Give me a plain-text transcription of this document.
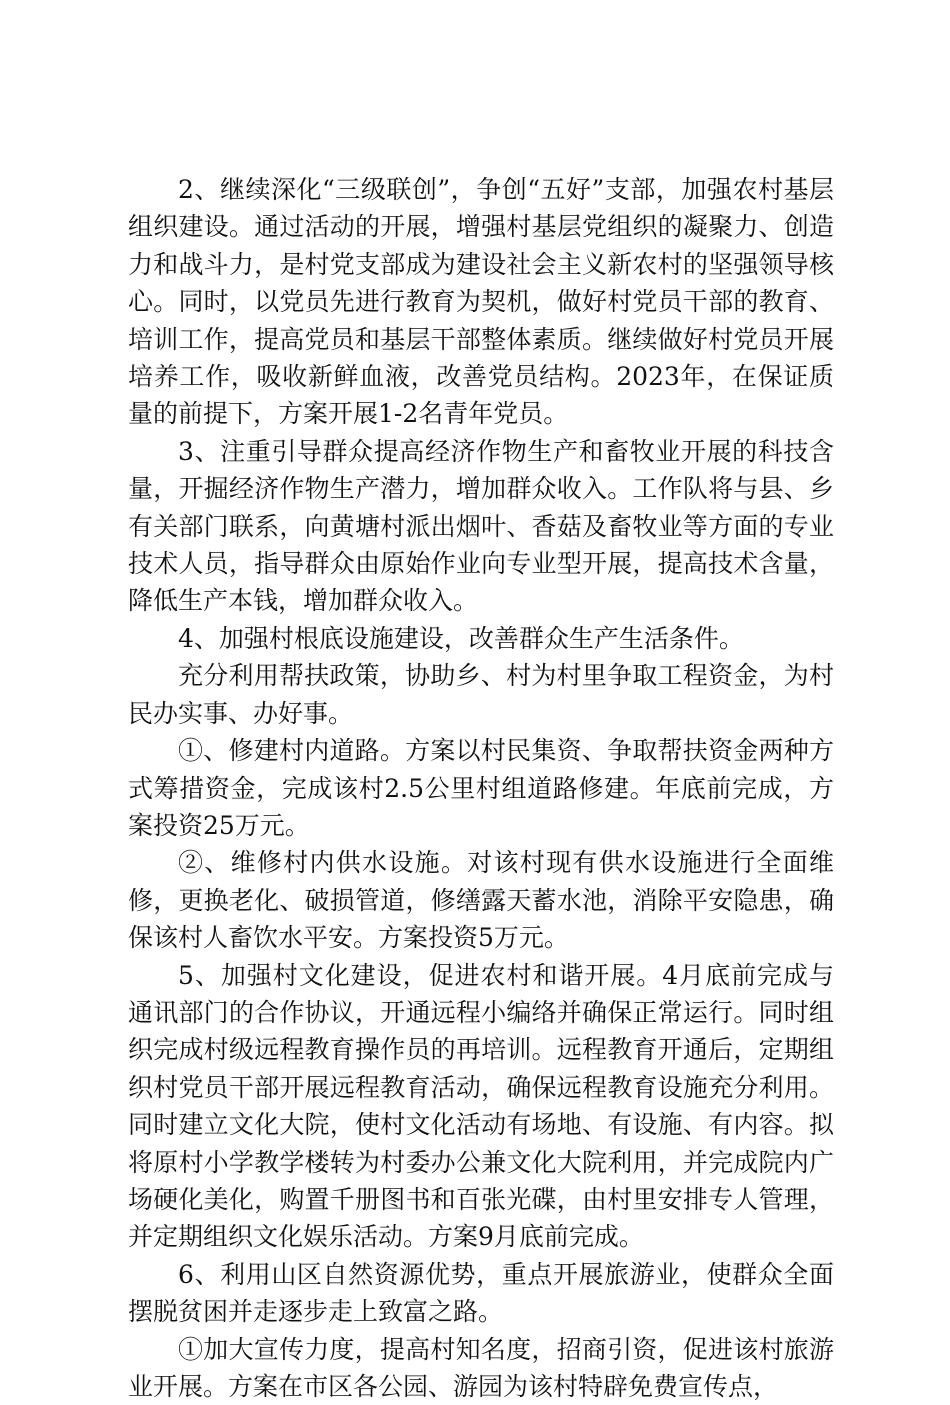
2、继续深化“三级联创”，争创“五好”支部，加强农村基层组织建设。通过活动的开展，增强村基层党组织的凝聚力、创造力和战斗力，是村党支部成为建设社会主义新农村的坚强领导核心。同时，以党员先进行教育为契机，做好村党员干部的教育、培训工作，提高党员和基层干部整体素质。继续做好村党员开展培养工作，吸收新鲜血液，改善党员结构。2023年，在保证质量的前提下，方案开展1-2名青年党员。

3、注重引导群众提高经济作物生产和畜牧业开展的科技含量，开掘经济作物生产潜力，增加群众收入。工作队将与县、乡有关部门联系，向黄塘村派出烟叶、香菇及畜牧业等方面的专业技术人员，指导群众由原始作业向专业型开展，提高技术含量，降低生产本钱，增加群众收入。

4、加强村根底设施建设，改善群众生产生活条件。

充分利用帮扶政策，协助乡、村为村里争取工程资金，为村民办实事、办好事。

①、修建村内道路。方案以村民集资、争取帮扶资金两种方式筹措资金，完成该村2.5公里村组道路修建。年底前完成，方案投资25万元。

②、维修村内供水设施。对该村现有供水设施进行全面维修，更换老化、破损管道，修缮露天蓄水池，消除平安隐患，确保该村人畜饮水平安。方案投资5万元。

5、加强村文化建设，促进农村和谐开展。4月底前完成与通讯部门的合作协议，开通远程小编络并确保正常运行。同时组织完成村级远程教育操作员的再培训。远程教育开通后，定期组织村党员干部开展远程教育活动，确保远程教育设施充分利用。同时建立文化大院，使村文化活动有场地、有设施、有内容。拟将原村小学教学楼转为村委办公兼文化大院利用，并完成院内广场硬化美化，购置千册图书和百张光碟，由村里安排专人管理，并定期组织文化娱乐活动。方案9月底前完成。

6、利用山区自然资源优势，重点开展旅游业，使群众全面摆脱贫困并走逐步走上致富之路。

①加大宣传力度，提高村知名度，招商引资，促进该村旅游业开展。方案在市区各公园、游园为该村特辟免费宣传点，
